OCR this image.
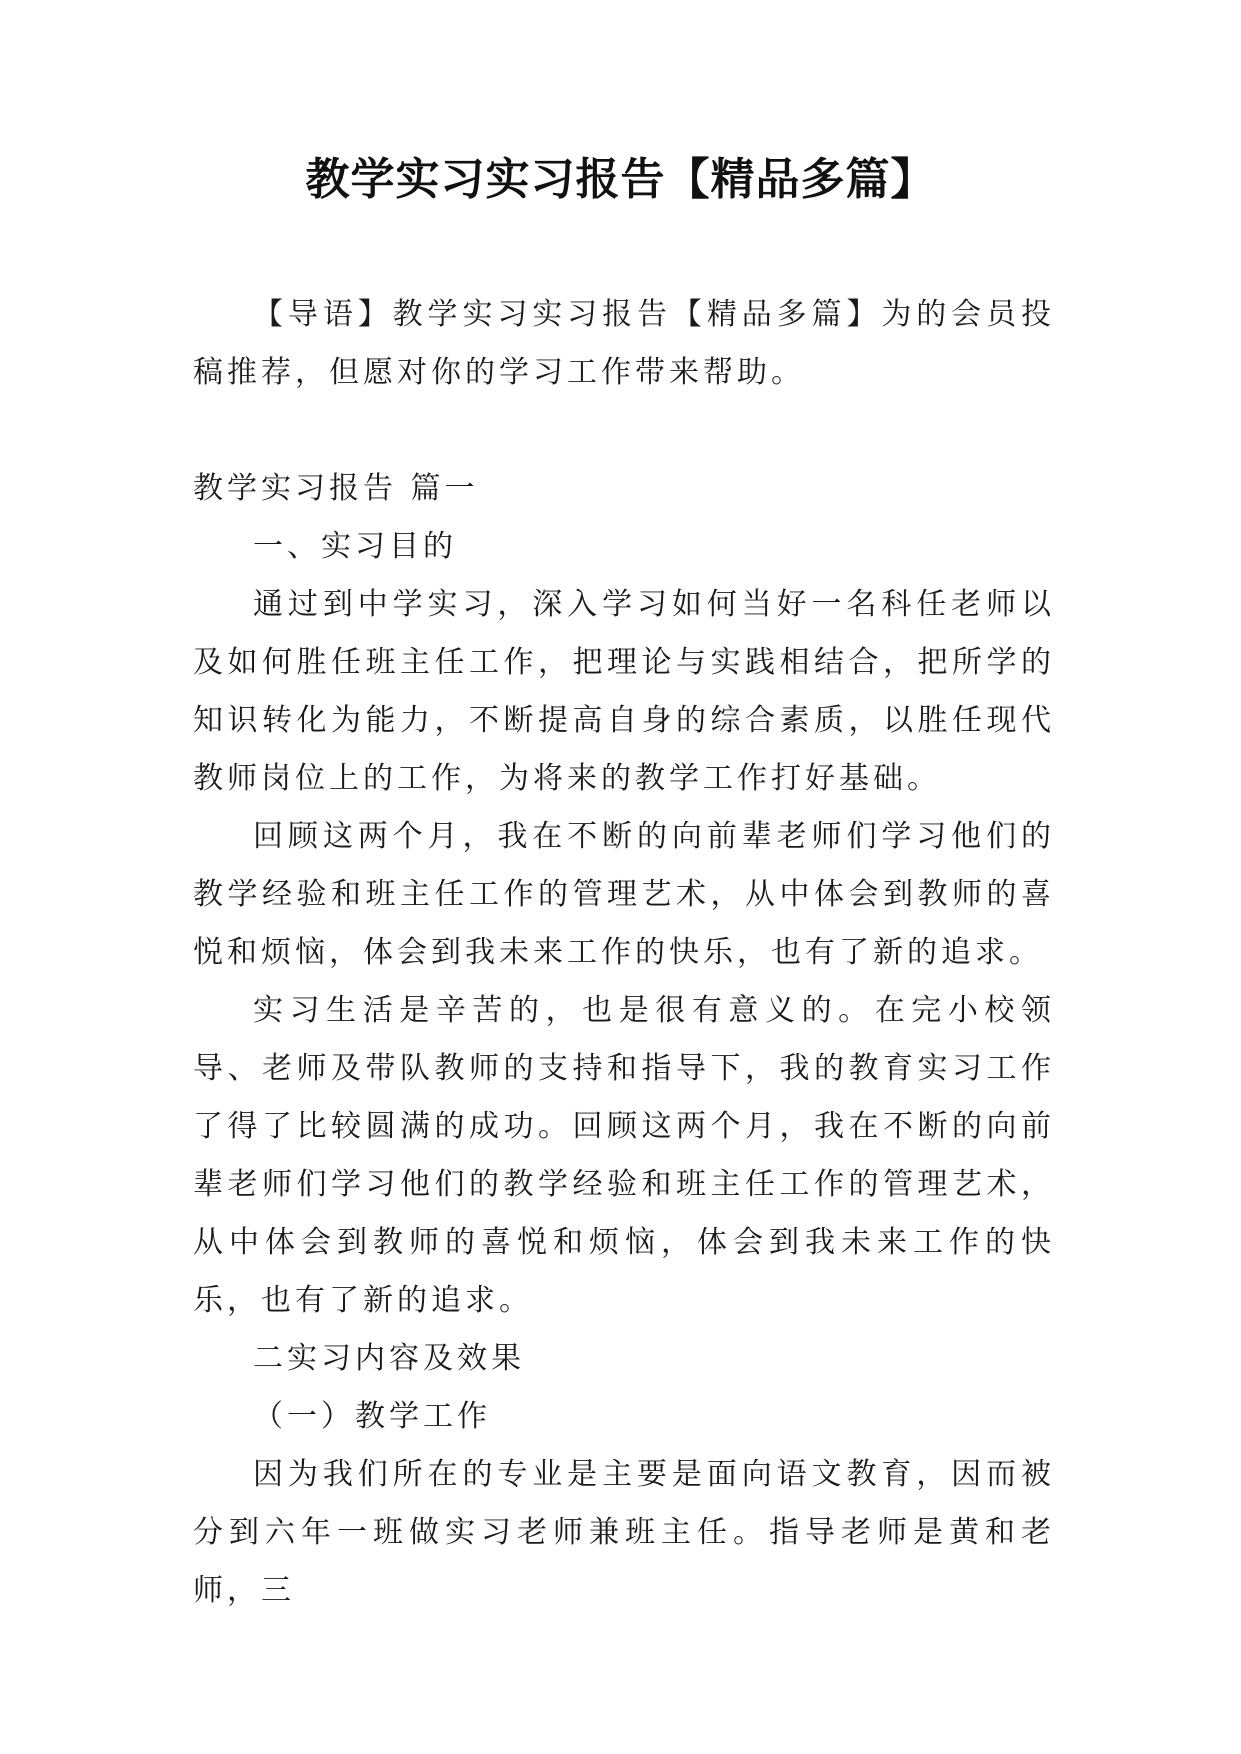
教学实习实习报告【精品多篇】

【导语】教学实习实习报告【精品多篇】为的会员投稿推荐，但愿对你的学习工作带来帮助。

教学实习报告 篇一

一、实习目的

通过到中学实习，深入学习如何当好一名科任老师以及如何胜任班主任工作，把理论与实践相结合，把所学的知识转化为能力，不断提高自身的综合素质，以胜任现代教师岗位上的工作，为将来的教学工作打好基础。

回顾这两个月，我在不断的向前辈老师们学习他们的教学经验和班主任工作的管理艺术，从中体会到教师的喜悦和烦恼，体会到我未来工作的快乐，也有了新的追求。

实习生活是辛苦的，也是很有意义的。在完小校领导、老师及带队教师的支持和指导下，我的教育实习工作了得了比较圆满的成功。回顾这两个月，我在不断的向前辈老师们学习他们的教学经验和班主任工作的管理艺术，从中体会到教师的喜悦和烦恼，体会到我未来工作的快乐，也有了新的追求。

二实习内容及效果

（一）教学工作

因为我们所在的专业是主要是面向语文教育，因而被分到六年一班做实习老师兼班主任。指导老师是黄和老师，三
